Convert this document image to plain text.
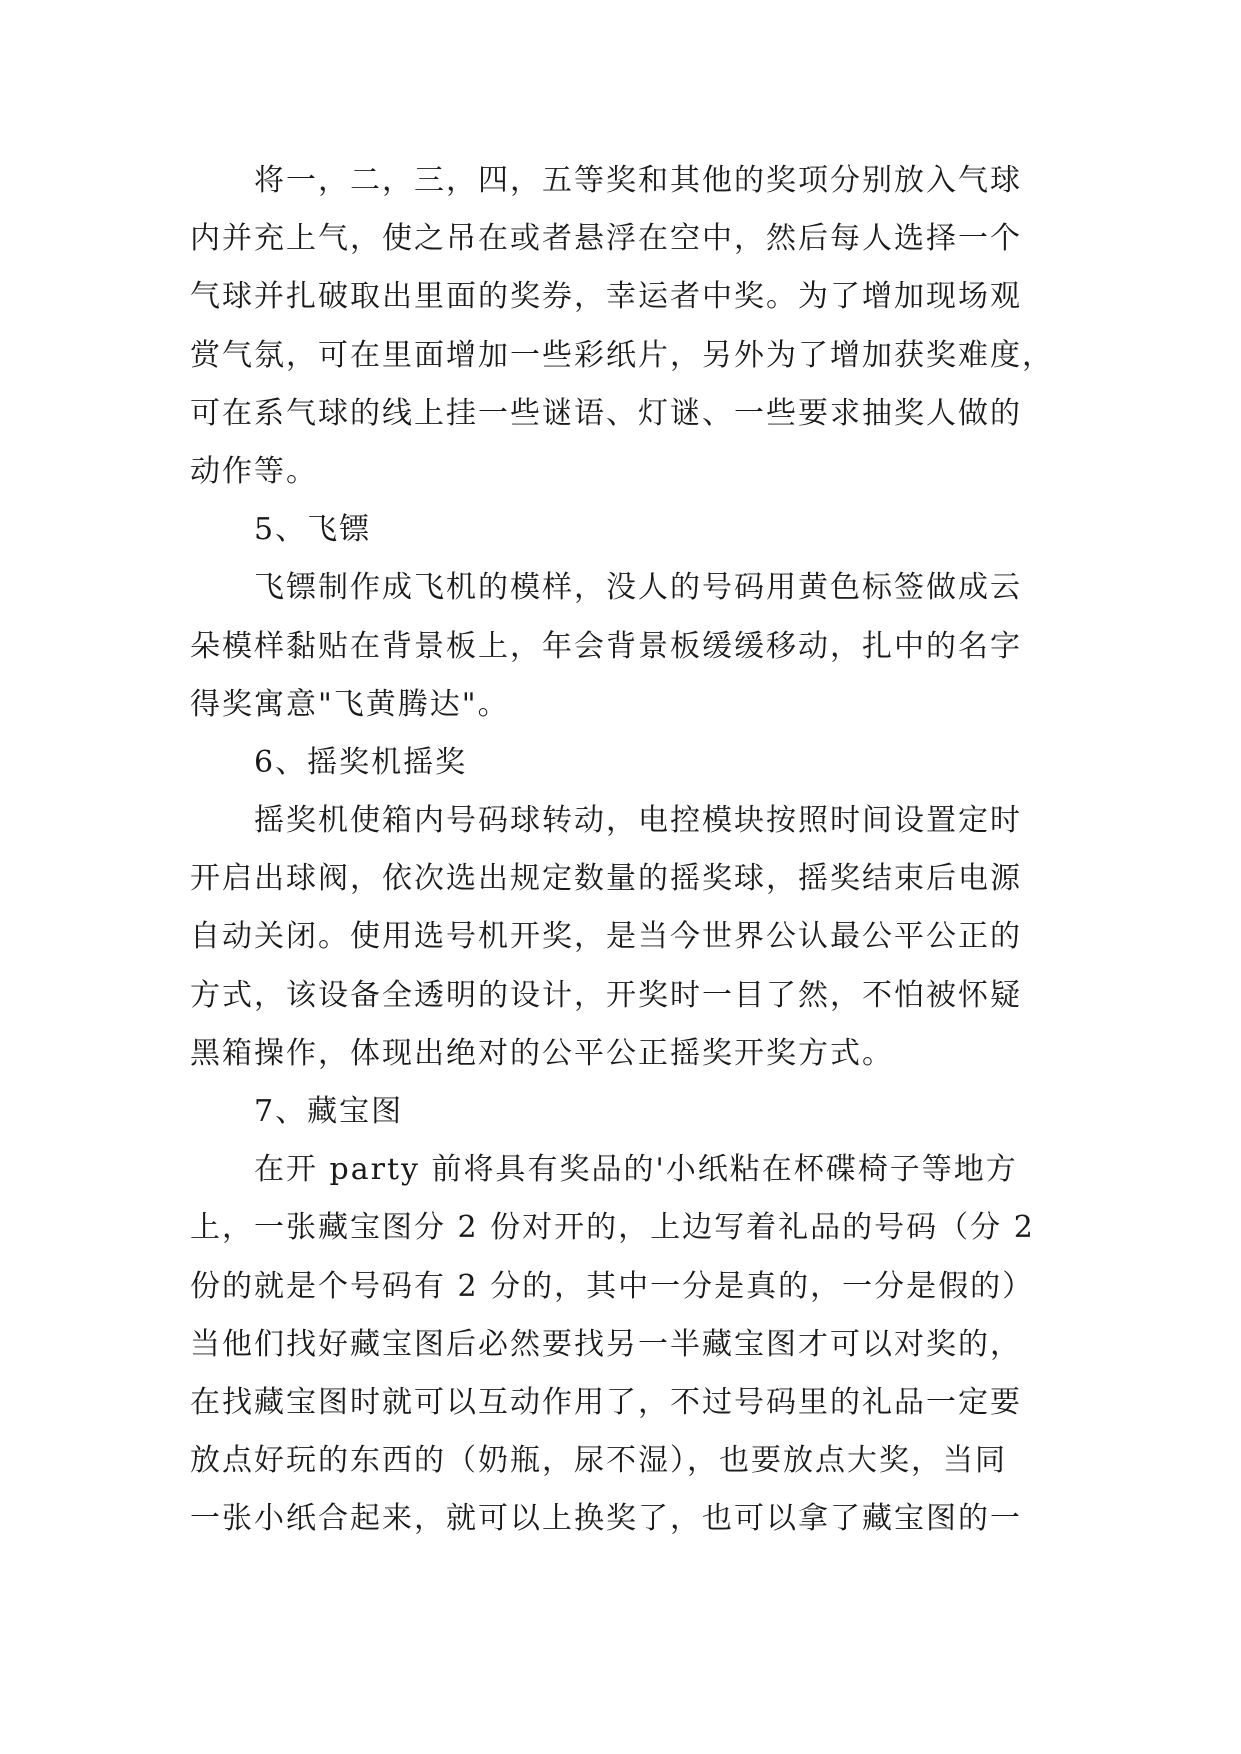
将一，二，三，四，五等奖和其他的奖项分别放入气球
内并充上气，使之吊在或者悬浮在空中，然后每人选择一个
气球并扎破取出里面的奖券，幸运者中奖。为了增加现场观
赏气氛，可在里面增加一些彩纸片，另外为了增加获奖难度，
可在系气球的线上挂一些谜语、灯谜、一些要求抽奖人做的
动作等。
5、飞镖
飞镖制作成飞机的模样，没人的号码用黄色标签做成云
朵模样黏贴在背景板上，年会背景板缓缓移动，扎中的名字
得奖寓意"飞黄腾达"。
6、摇奖机摇奖
摇奖机使箱内号码球转动，电控模块按照时间设置定时
开启出球阀，依次选出规定数量的摇奖球，摇奖结束后电源
自动关闭。使用选号机开奖，是当今世界公认最公平公正的
方式，该设备全透明的设计，开奖时一目了然，不怕被怀疑
黑箱操作，体现出绝对的公平公正摇奖开奖方式。
7、藏宝图
在开 party 前将具有奖品的'小纸粘在杯碟椅子等地方
上，一张藏宝图分 2 份对开的，上边写着礼品的号码（分 2
份的就是个号码有 2 分的，其中一分是真的，一分是假的）
当他们找好藏宝图后必然要找另一半藏宝图才可以对奖的，
在找藏宝图时就可以互动作用了，不过号码里的礼品一定要
放点好玩的东西的（奶瓶，尿不湿），也要放点大奖，当同
一张小纸合起来，就可以上换奖了，也可以拿了藏宝图的一
